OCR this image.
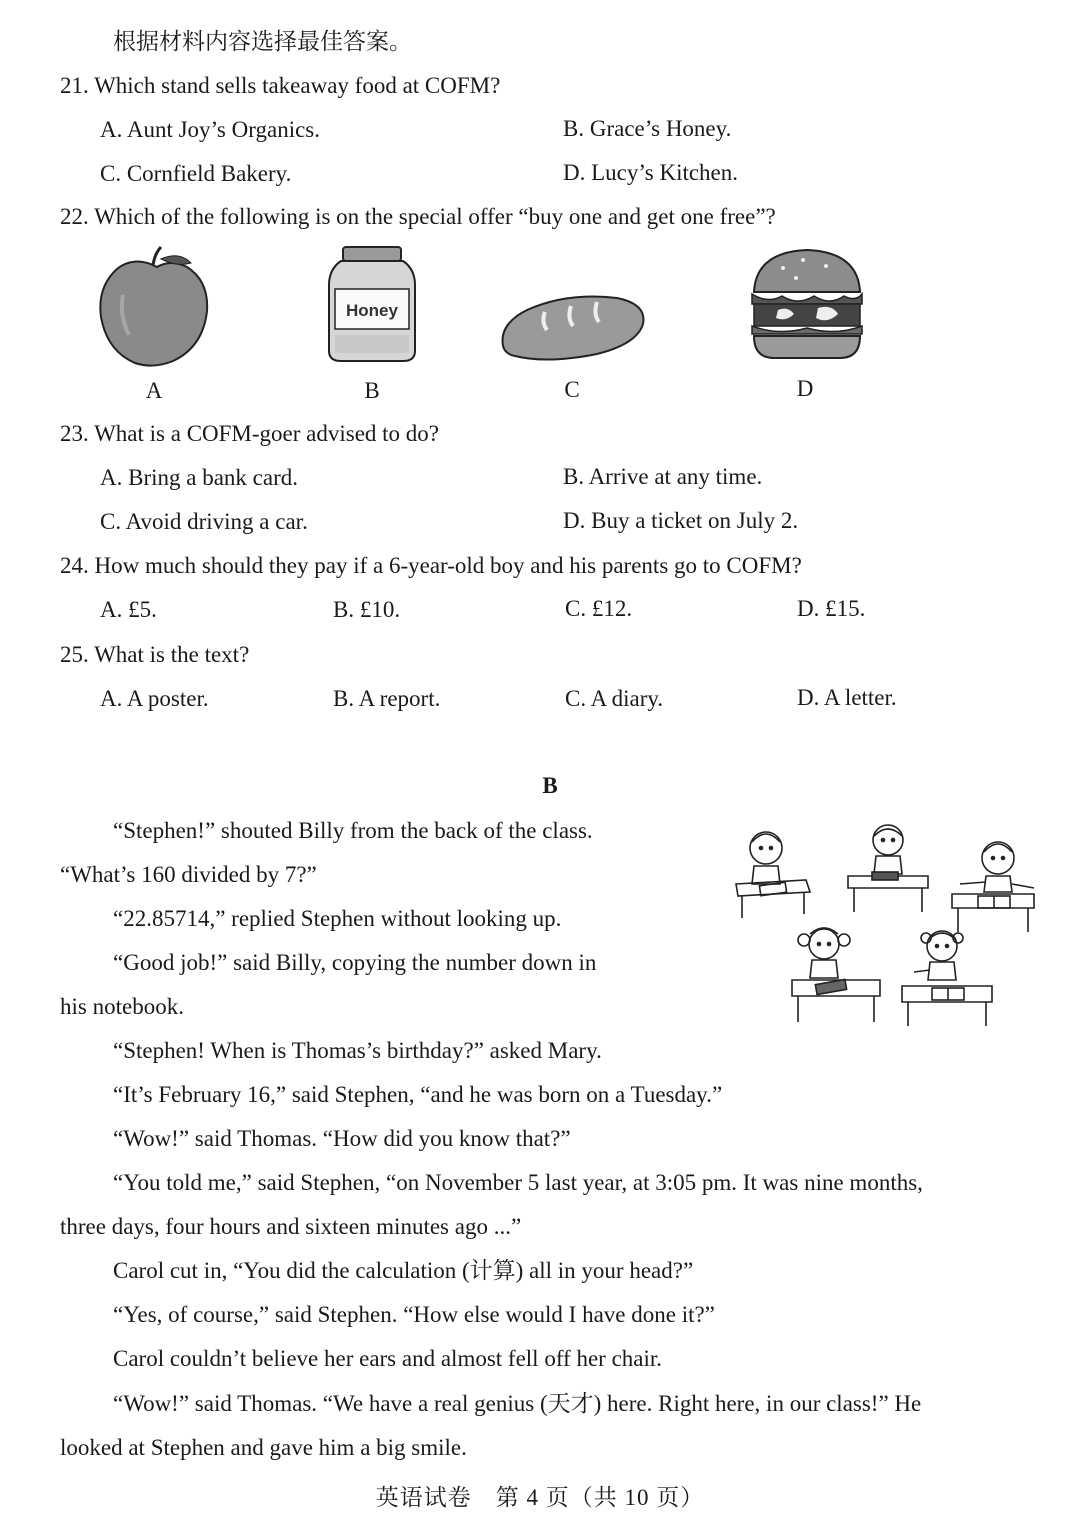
根据材料内容选择最佳答案。
21. Which stand sells takeaway food at COFM?
A. Aunt Joy’s Organics.	B. Grace’s Honey.
C. Cornfield Bakery.	D. Lucy’s Kitchen.
22. Which of the following is on the special offer “buy one and get one free”?
A
Honey
B	C	D
23. What is a COFM-goer advised to do?
A. Bring a bank card.	B. Arrive at any time.
C. Avoid driving a car.	D. Buy a ticket on July 2.
24. How much should they pay if a 6-year-old boy and his parents go to COFM?
A. £5.	B. £10.	C. £12.	D. £15.
25. What is the text?
A. A poster.	B. A report.	C. A diary.	D. A letter.
B
“Stephen!” shouted Billy from the back of the class.
“What’s 160 divided by 7?”
“22.85714,” replied Stephen without looking up.
“Good job!” said Billy, copying the number down in
his notebook.
“Stephen! When is Thomas’s birthday?” asked Mary.
“It’s February 16,” said Stephen, “and he was born on a Tuesday.”
“Wow!” said Thomas. “How did you know that?”
“You told me,” said Stephen, “on November 5 last year, at 3:05 pm. It was nine months,
three days, four hours and sixteen minutes ago ...”
Carol cut in, “You did the calculation (计算) all in your head?”
“Yes, of course,” said Stephen. “How else would I have done it?”
Carol couldn’t believe her ears and almost fell off her chair.
“Wow!” said Thomas. “We have a real genius (天才) here. Right here, in our class!” He
looked at Stephen and gave him a big smile.
英语试卷　第 4 页（共 10 页）
